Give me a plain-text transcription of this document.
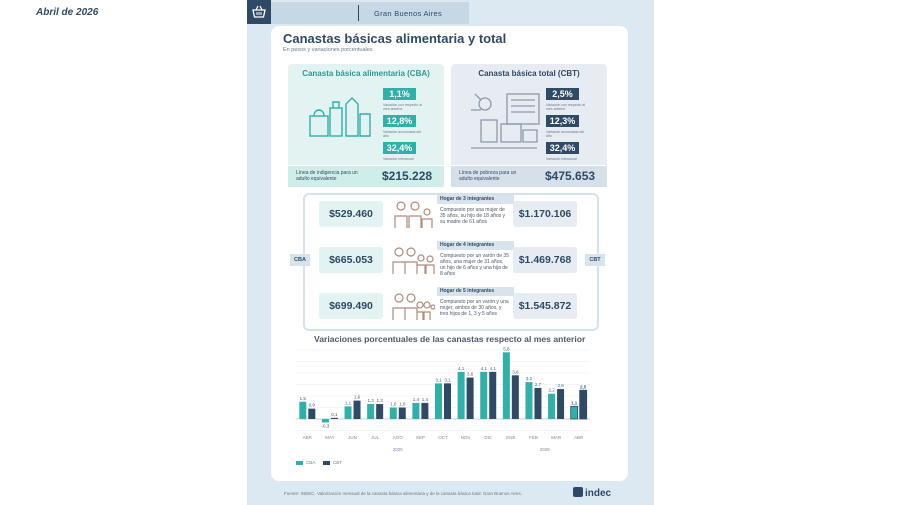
Abril de 2026	Gran Buenos Aires
Canastas básicas alimentaria y total
En pesos y variaciones porcentuales
Canasta básica alimentaria (CBA)
1,1%
Variación con respecto al mes anterior
12,8%
Variación acumulada del año
32,4%
Variación interanual
Línea de indigencia para un adulto equivalente	$215.228
Canasta básica total (CBT)
2,5%
Variación con respecto al mes anterior
12,3%
Variación acumulada del año
32,4%
Variación interanual
Línea de pobreza para un adulto equivalente	$475.653
CBA	CBT
$529.460
Hogar de 3 integrantes
Compuesto por una mujer de 35 años, su hijo de 18 años y su madre de 61 años
$1.170.106
$665.053
Hogar de 4 integrantes
Compuesto por un varón de 35 años, una mujer de 31 años, un hijo de 6 años y una hija de 8 años
$1.469.768
$699.490
Hogar de 5 integrantes
Compuesto por un varón y una mujer, ambos de 30 años, y tres hijos de 1, 3 y 5 años
$1.545.872
Variaciones porcentuales de las canastas respecto al mes anterior
1,5
0,9
ABR
-0,3
0,1
MAY
1,1
1,6
JUN
1,3 1,3
JUL
1,0 1,0
AGO
1,4 1,4
SEP
3,1 3,1
OCT
4,1
3,6
NOV
4,1 4,1
DIC
5,8
3,8
ENE
3,2
2,7
FEB
2,2
2,6
MAR
1,1
2,5
ABR
2025	2026
CBA	CBT
Fuente: INDEC. Valorización mensual de la canasta básica alimentaria y de la canasta básica total. Gran Buenos Aires.	indec
